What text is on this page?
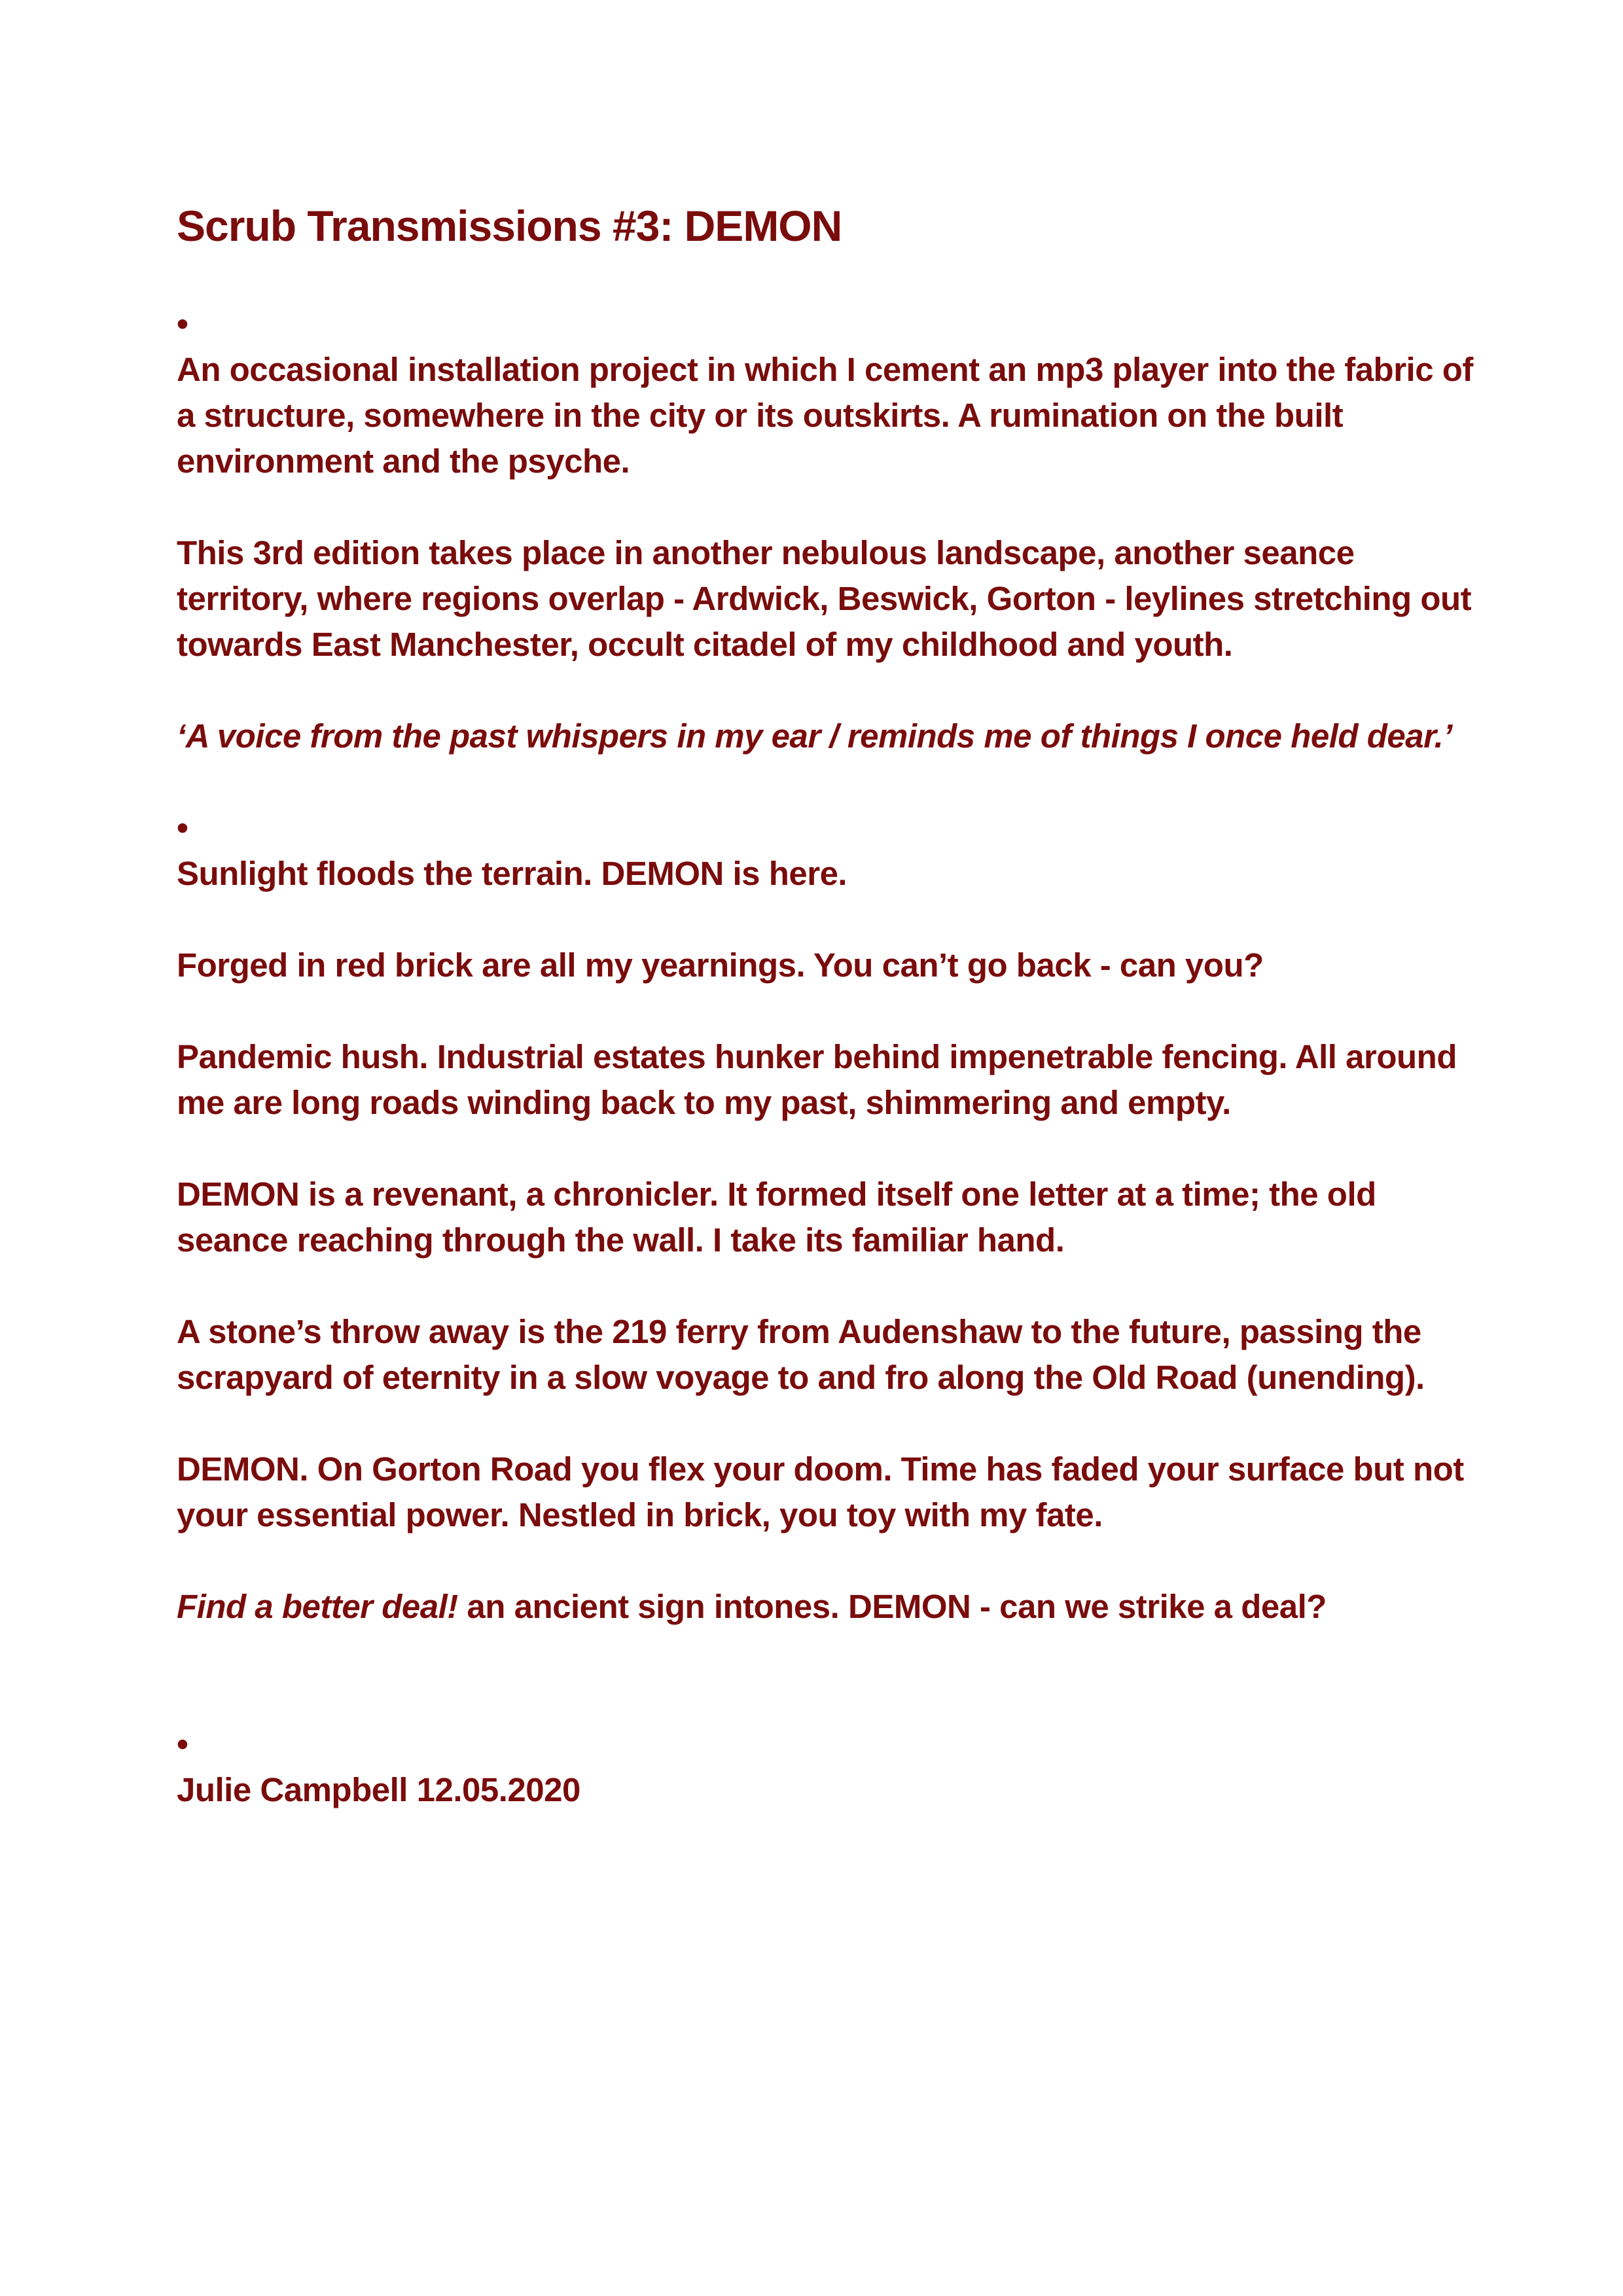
Scrub Transmissions #3: DEMON
•

An occasional installation project in which I cement an mp3 player into the fabric of a structure, somewhere in the city or its outskirts. A rumination on the built environment and the psyche.

This 3rd edition takes place in another nebulous landscape, another seance territory, where regions overlap - Ardwick, Beswick, Gorton - leylines stretching out towards East Manchester, occult citadel of my childhood and youth.

‘A voice from the past whispers in my ear / reminds me of things I once held dear.’

•

Sunlight floods the terrain. DEMON is here.

Forged in red brick are all my yearnings. You can’t go back - can you?

Pandemic hush. Industrial estates hunker behind impenetrable fencing. All around me are long roads winding back to my past, shimmering and empty.

DEMON is a revenant, a chronicler. It formed itself one letter at a time; the old seance reaching through the wall. I take its familiar hand.

A stone’s throw away is the 219 ferry from Audenshaw to the future, passing the scrapyard of eternity in a slow voyage to and fro along the Old Road (unending).

DEMON. On Gorton Road you flex your doom. Time has faded your surface but not your essential power. Nestled in brick, you toy with my fate.

Find a better deal! an ancient sign intones. DEMON - can we strike a deal?

•

Julie Campbell 12.05.2020
